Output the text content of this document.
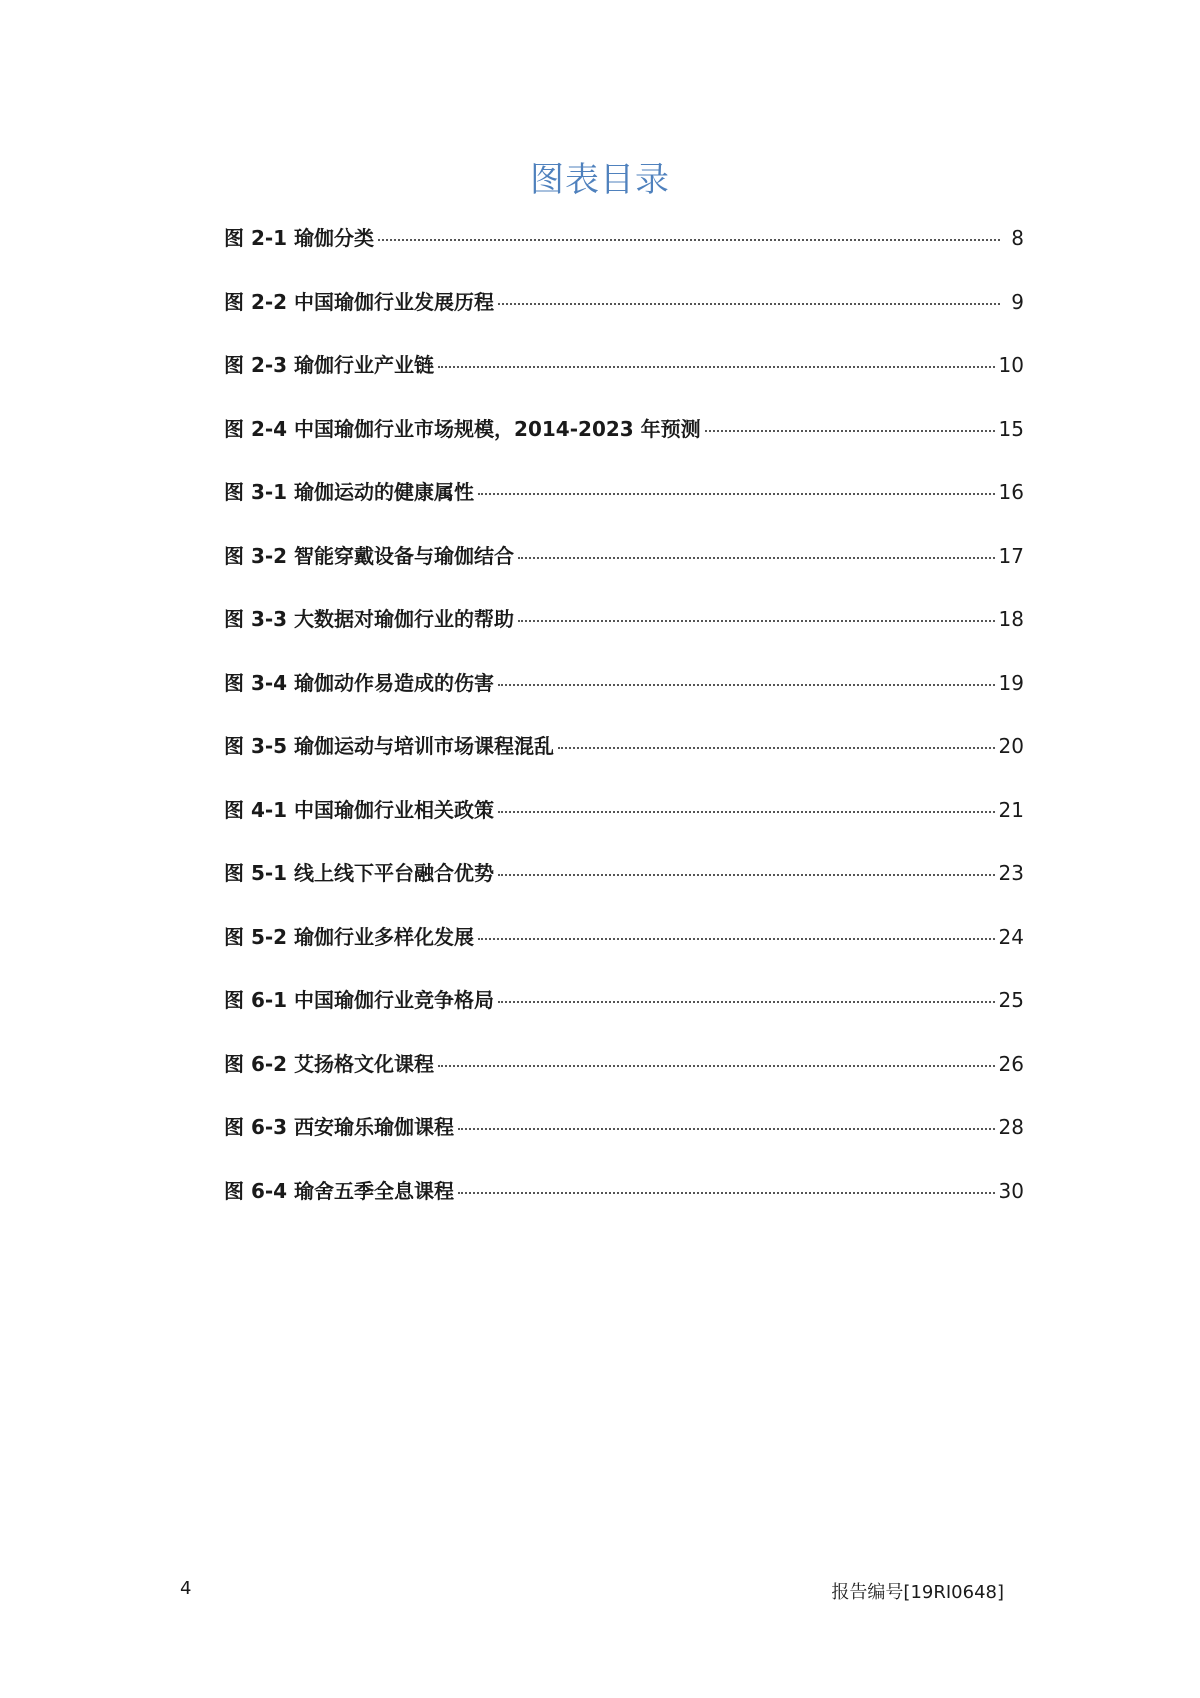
图表目录
图 2-1 瑜伽分类	8
图 2-2 中国瑜伽行业发展历程	9
图 2-3 瑜伽行业产业链	10
图 2-4 中国瑜伽行业市场规模，2014-2023 年预测	15
图 3-1 瑜伽运动的健康属性	16
图 3-2 智能穿戴设备与瑜伽结合	17
图 3-3 大数据对瑜伽行业的帮助	18
图 3-4 瑜伽动作易造成的伤害	19
图 3-5 瑜伽运动与培训市场课程混乱	20
图 4-1 中国瑜伽行业相关政策	21
图 5-1 线上线下平台融合优势	23
图 5-2 瑜伽行业多样化发展	24
图 6-1 中国瑜伽行业竞争格局	25
图 6-2 艾扬格文化课程	26
图 6-3 西安瑜乐瑜伽课程	28
图 6-4 瑜舍五季全息课程	30
4	报告编号[19RI0648]
